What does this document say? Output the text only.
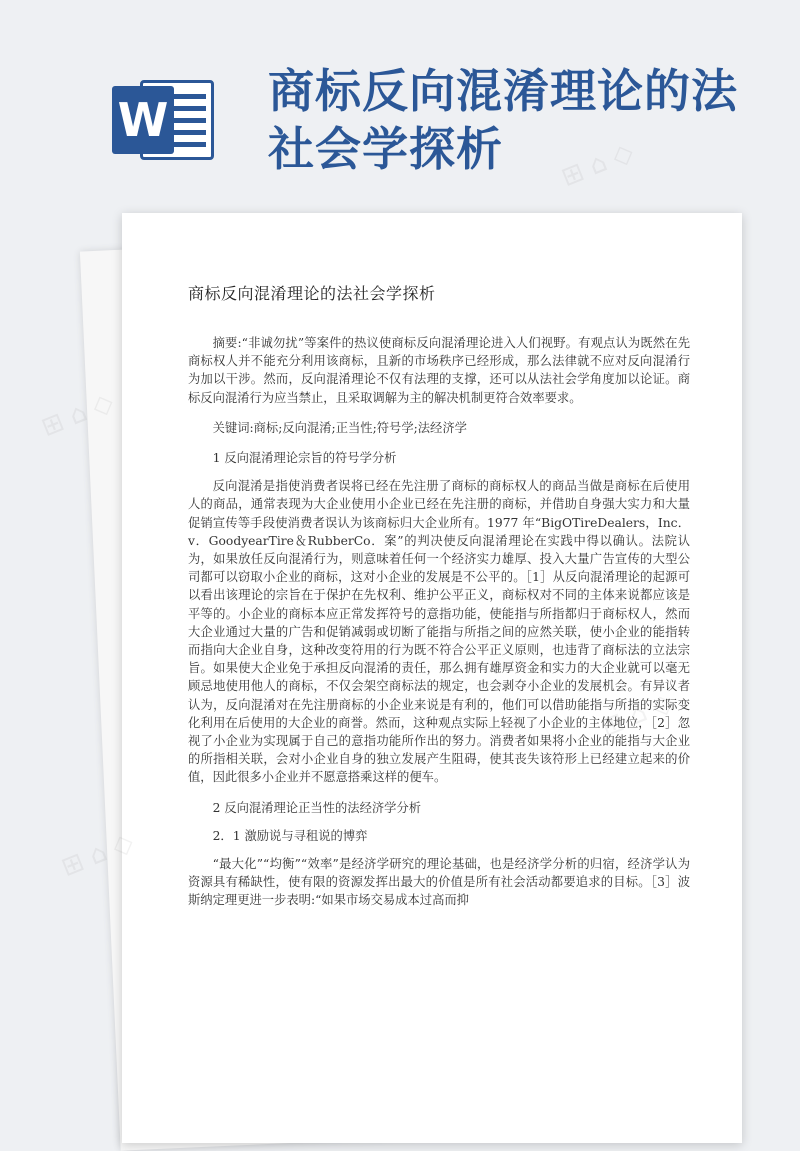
W
商标反向混淆理论的法社会学探析
商标反向混淆理论的法社会学探析

摘要:“非诚勿扰”等案件的热议使商标反向混淆理论进入人们视野。有观点认为既然在先商标权人并不能充分利用该商标，且新的市场秩序已经形成，那么法律就不应对反向混淆行为加以干涉。然而，反向混淆理论不仅有法理的支撑，还可以从法社会学角度加以论证。商标反向混淆行为应当禁止，且采取调解为主的解决机制更符合效率要求。

关键词:商标;反向混淆;正当性;符号学;法经济学

1 反向混淆理论宗旨的符号学分析

反向混淆是指使消费者误将已经在先注册了商标的商标权人的商品当做是商标在后使用人的商品，通常表现为大企业使用小企业已经在先注册的商标，并借助自身强大实力和大量促销宣传等手段使消费者误认为该商标归大企业所有。1977 年“BigOTireDealers，Inc．v．GoodyearTire＆RubberCo．案”的判决使反向混淆理论在实践中得以确认。法院认为，如果放任反向混淆行为，则意味着任何一个经济实力雄厚、投入大量广告宣传的大型公司都可以窃取小企业的商标，这对小企业的发展是不公平的。［1］从反向混淆理论的起源可以看出该理论的宗旨在于保护在先权利、维护公平正义，商标权对不同的主体来说都应该是平等的。小企业的商标本应正常发挥符号的意指功能，使能指与所指都归于商标权人，然而大企业通过大量的广告和促销减弱或切断了能指与所指之间的应然关联，使小企业的能指转而指向大企业自身，这种改变符用的行为既不符合公平正义原则，也违背了商标法的立法宗旨。如果使大企业免于承担反向混淆的责任，那么拥有雄厚资金和实力的大企业就可以毫无顾忌地使用他人的商标，不仅会架空商标法的规定，也会剥夺小企业的发展机会。有异议者认为，反向混淆对在先注册商标的小企业来说是有利的，他们可以借助能指与所指的实际变化利用在后使用的大企业的商誉。然而，这种观点实际上轻视了小企业的主体地位，［2］忽视了小企业为实现属于自己的意指功能所作出的努力。消费者如果将小企业的能指与大企业的所指相关联，会对小企业自身的独立发展产生阻碍，使其丧失该符形上已经建立起来的价值，因此很多小企业并不愿意搭乘这样的便车。

2 反向混淆理论正当性的法经济学分析

2．1 激励说与寻租说的博弈

“最大化”“均衡”“效率”是经济学研究的理论基础，也是经济学分析的归宿，经济学认为资源具有稀缺性，使有限的资源发挥出最大的价值是所有社会活动都要追求的目标。［3］波斯纳定理更进一步表明:“如果市场交易成本过高而抑

⊞ ⌂ ◇
⊞ ⌂ ◇
⊞ ⌂ ◇
